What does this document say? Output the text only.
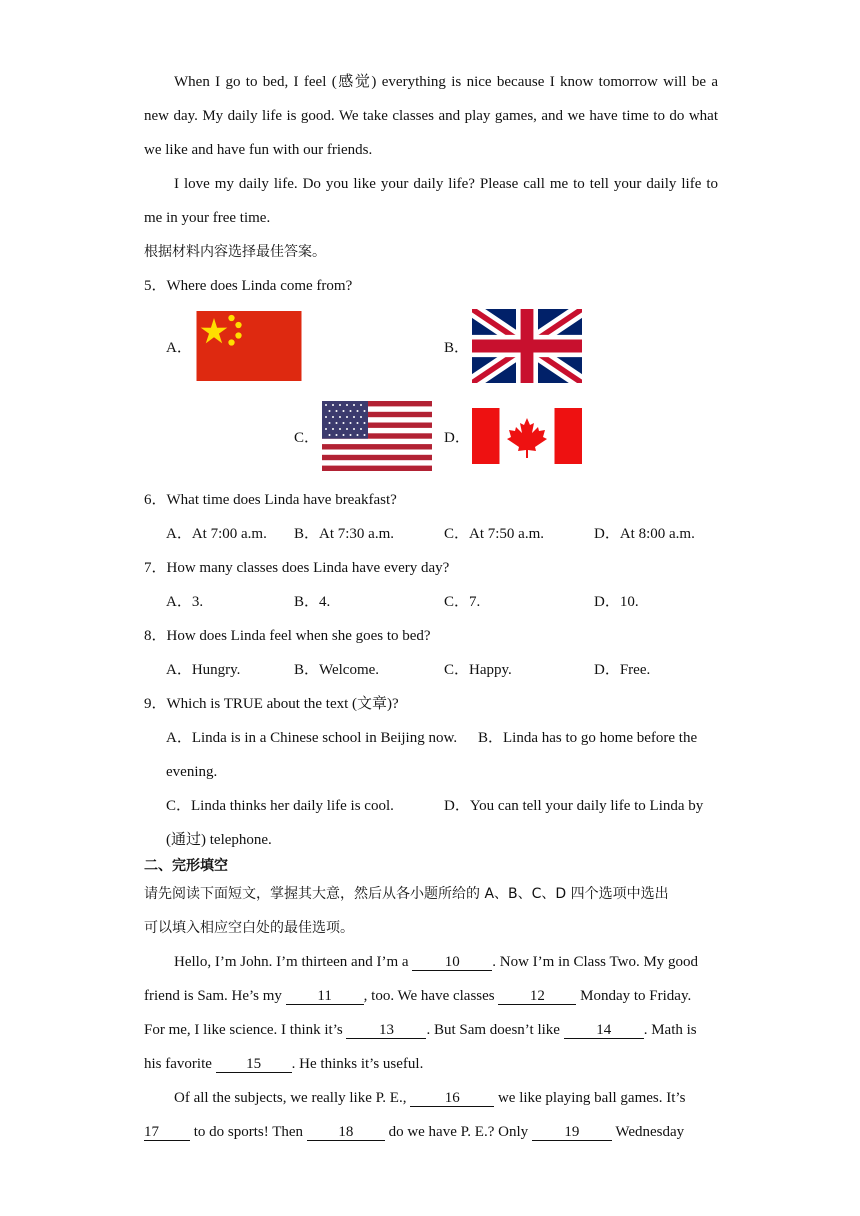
When I go to bed, I feel (感觉) everything is nice because I know tomorrow will be a
new day. My daily life is good. We take classes and play games, and we have time to do what
we like and have fun with our friends.
I love my daily life. Do you like your daily life? Please call me to tell your daily life to
me in your free time.
根据材料内容选择最佳答案。
5．Where does Linda come from?
A．	B．
C．	D．
6．What time does Linda have breakfast?
A．At 7:00 a.m. B．At 7:30 a.m.	C．At 7:50 a.m.	D．At 8:00 a.m.
7．How many classes does Linda have every day?
A．3.	B．4.	C．7.	D．10.
8．How does Linda feel when she goes to bed?
A．Hungry.	B．Welcome.	C．Happy.	D．Free.
9．Which is TRUE about the text (文章)?
A．Linda is in a Chinese school in Beijing now. B．Linda has to go home before the
evening.
C．Linda thinks her daily life is cool.	D．You can tell your daily life to Linda by
(通过) telephone.
二、完形填空
请先阅读下面短文，掌握其大意，然后从各小题所给的 A、B、C、D 四个选项中选出
可以填入相应空白处的最佳选项。
Hello, I’m John. I’m thirteen and I’m a 10 . Now I’m in Class Two. My good
friend is Sam. He’s my 11 , too. We have classes 12 Monday to Friday.
For me, I like science. I think it’s 13 . But Sam doesn’t like 14 . Math is
his favorite 15 . He thinks it’s useful.
Of all the subjects, we really like P. E.,	16	we like playing ball games. It’s
17 to do sports! Then 18 do we have P. E.? Only 19 Wednesday
